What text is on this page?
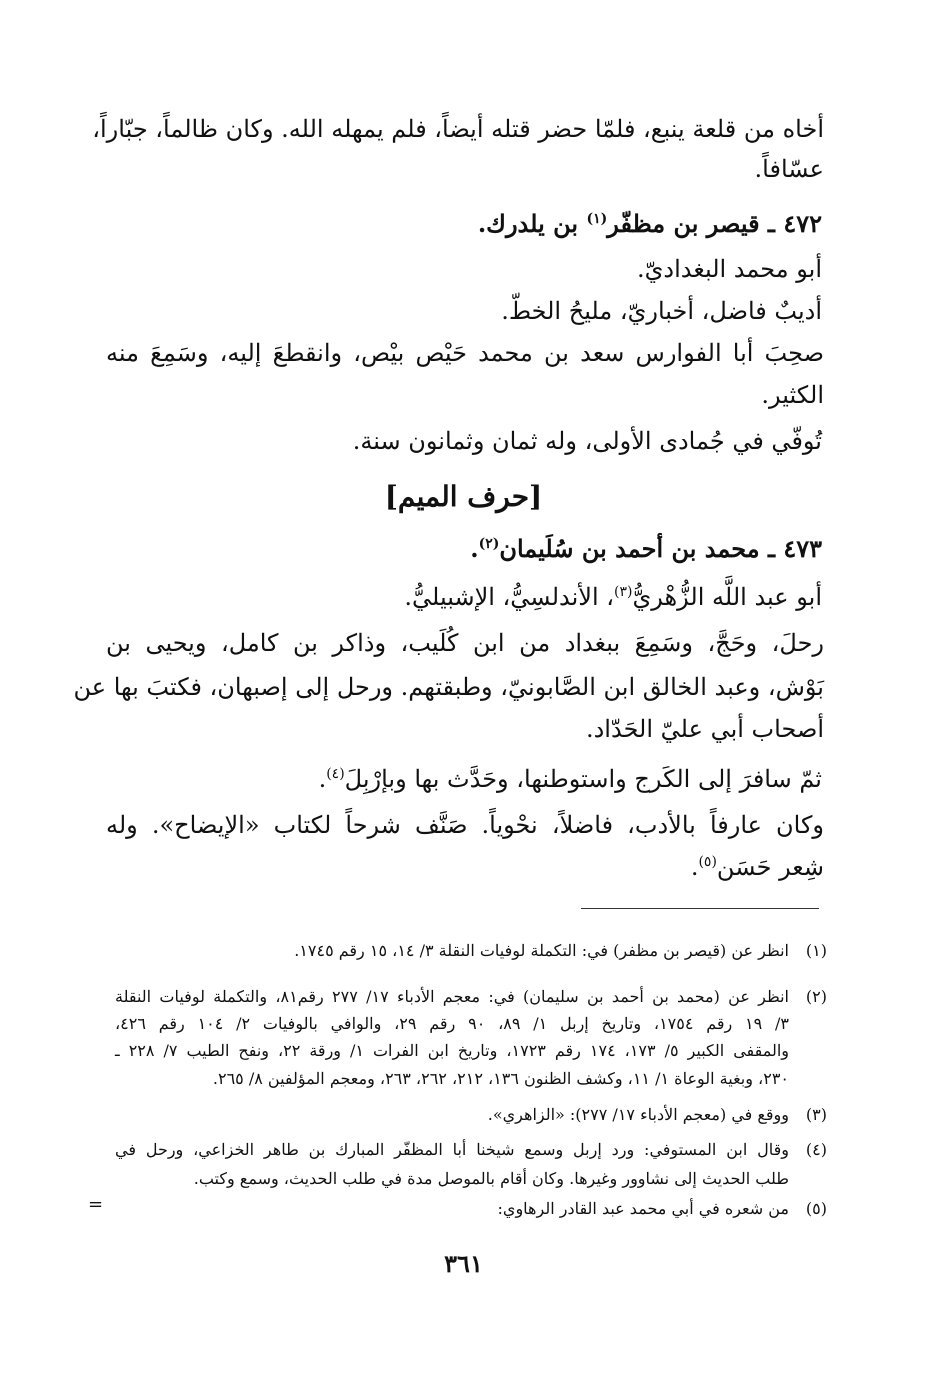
أخاه من قلعة ينبع، فلمّا حضر قتله أيضاً، فلم يمهله الله. وكان ظالماً، جبّاراً،

عسّافاً.

٤٧٢ ـ قيصر بن مظفّر$^{(١)}$ بن يلدرك.

أبو محمد البغداديّ.

أديبٌ فاضل، أخباريّ، مليحُ الخطّ.

صحِبَ أبا الفوارس سعد بن محمد حَيْص بيْص، وانقطعَ إليه، وسَمِعَ منه

الكثير.

تُوفّي في جُمادى الأولى، وله ثمان وثمانون سنة.

[حرف الميم]

٤٧٣ ـ محمد بن أحمد بن سُلَيمان$^{(٢)}$.

أبو عبد اللَّه الزُّهْريُّ$^{(٣)}$، الأندلسِيُّ، الإشبيليُّ.

رحلَ، وحَجَّ، وسَمِعَ ببغداد من ابن كُلَيب، وذاكر بن كامل، ويحيى بن

بَوْش، وعبد الخالق ابن الصَّابونيّ، وطبقتهم. ورحل إلى إصبهان، فكتبَ بها عن

أصحاب أبي عليّ الحَدّاد.

ثمّ سافرَ إلى الكَرج واستوطنها، وحَدَّث بها وبإرْبِلَ$^{(٤)}$.

وكان عارفاً بالأدب، فاضلاً، نحْوياً. صَنَّف شرحاً لكتاب «الإيضاح». وله

شِعر حَسَن$^{(٥)}$.

(١)

انظر عن (قيصر بن مظفر) في: التكملة لوفيات النقلة ٣/ ١٤، ١٥ رقم ١٧٤٥.

(٢)

انظر عن (محمد بن أحمد بن سليمان) في: معجم الأدباء ١٧/ ٢٧٧ رقم٨١، والتكملة لوفيات النقلة

٣/ ١٩ رقم ١٧٥٤، وتاريخ إربل ١/ ٨٩، ٩٠ رقم ٢٩، والوافي بالوفيات ٢/ ١٠٤ رقم ٤٢٦،

والمقفى الكبير ٥/ ١٧٣، ١٧٤ رقم ١٧٢٣، وتاريخ ابن الفرات ١/ ورقة ٢٢، ونفح الطيب ٧/ ٢٢٨ ـ

٢٣٠، وبغية الوعاة ١/ ١١، وكشف الظنون ١٣٦، ٢١٢، ٢٦٢، ٢٦٣، ومعجم المؤلفين ٨/ ٢٦٥.

(٣)

ووقع في (معجم الأدباء ١٧/ ٢٧٧): «الزاهري».

(٤)

وقال ابن المستوفي: ورد إربل وسمع شيخنا أبا المظفّر المبارك بن طاهر الخزاعي، ورحل في

طلب الحديث إلى نشاوور وغيرها. وكان أقام بالموصل مدة في طلب الحديث، وسمع وكتب.

(٥)

من شعره في أبي محمد عبد القادر الرهاوي:

=
٣٦١
